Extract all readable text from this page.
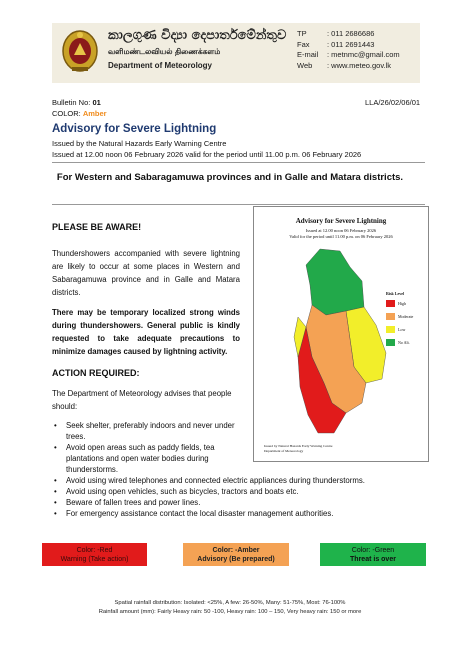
කාලගුණ විද්‍යා දෙපාර්තමේන්තුව
வளிமண்டலவியல் திணைக்களம்
Department of Meteorology
TP	: 011 2686686
Fax : 011 2691443
E-mail : metnmc@gmail.com
Web : www.meteo.gov.lk
Bulletin No: 01	LLA/26/02/06/01
COLOR: Amber
Advisory for Severe Lightning
Issued by the Natural Hazards Early Warning Centre
Issued at 12.00 noon 06 February 2026 valid for the period until 11.00 p.m. 06 February 2026
For Western and Sabaragamuwa provinces and in Galle and Matara districts.
PLEASE BE AWARE!
Thundershowers accompanied with severe lightning are likely to occur at some places in Western and Sabaragamuwa province and in Galle and Matara districts.
There may be temporary localized strong winds during thundershowers. General public is kindly requested to take adequate precautions to minimize damages caused by lightning activity.
ACTION REQUIRED:
The Department of Meteorology advises that people should:
• Seek shelter, preferably indoors and never under trees.
• Avoid open areas such as paddy fields, tea plantations and open water bodies during thunderstorms.
• Avoid using wired telephones and connected electric appliances during thunderstorms.
• Avoid using open vehicles, such as bicycles, tractors and boats etc.
• Beware of fallen trees and power lines.
• For emergency assistance contact the local disaster management authorities.
Advisory for Severe Lightning
Issued at 12.00 noon 06 February 2026
Valid for the period until 11.00 p.m. on 06 February 2026
Risk Level
High
Moderate
Low
No Alt.
Issued by Natural Hazards Early Warning Centre
Department of Meteorology
Color: -Red
Warning (Take action)
Color: -Amber
Advisory (Be prepared)
Color: -Green
Threat is over
Spatial rainfall distribution: Isolated: <25%, A few: 26-50%, Many: 51-75%, Most: 76-100%
Rainfall amount (mm): Fairly Heavy rain: 50 -100, Heavy rain: 100 – 150, Very heavy rain: 150 or more
